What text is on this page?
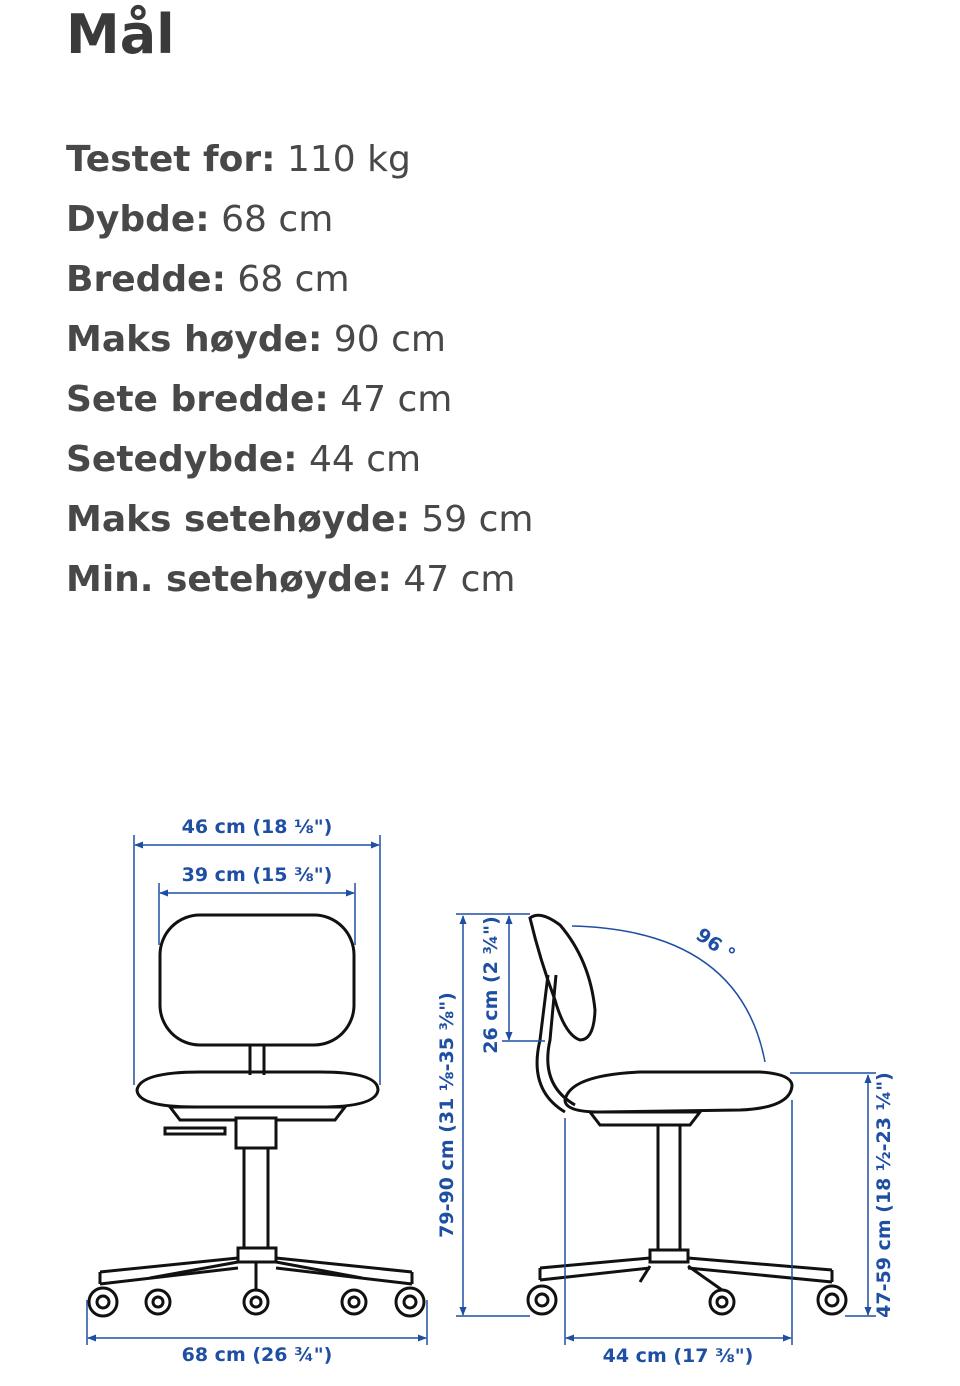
Mål
Testet for: 110 kg
Dybde: 68 cm
Bredde: 68 cm
Maks høyde: 90 cm
Sete bredde: 47 cm
Setedybde: 44 cm
Maks setehøyde: 59 cm
Min. setehøyde: 47 cm
46 cm (18 ⅛")
39 cm (15 ⅜")
68 cm (26 ¾")
79-90 cm (31 ⅛-35 ⅜")
26 cm (2 ¾")	96 °
47-59 cm (18 ½-23 ¼")
44 cm (17 ⅜")
